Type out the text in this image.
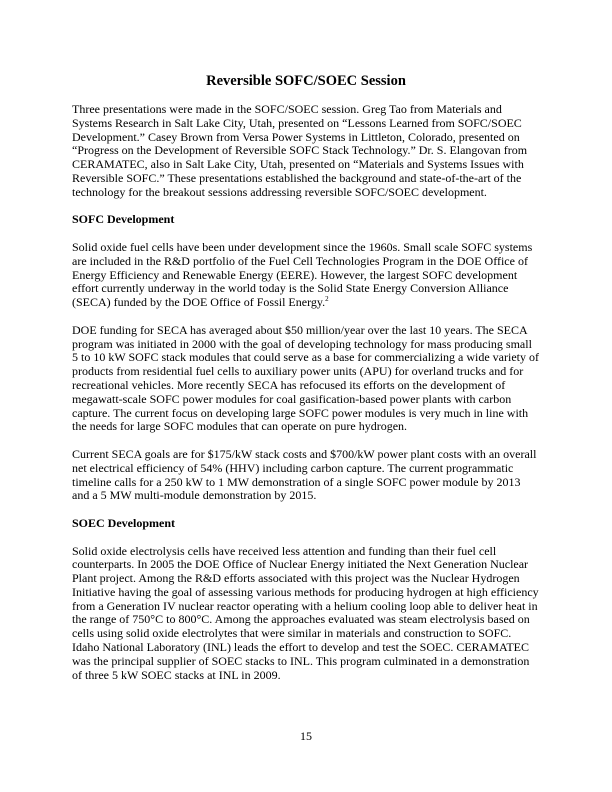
Reversible SOFC/SOEC Session

Three presentations were made in the SOFC/SOEC session. Greg Tao from Materials and
Systems Research in Salt Lake City, Utah, presented on “Lessons Learned from SOFC/SOEC
Development.” Casey Brown from Versa Power Systems in Littleton, Colorado, presented on
“Progress on the Development of Reversible SOFC Stack Technology.” Dr. S. Elangovan from
CERAMATEC, also in Salt Lake City, Utah, presented on “Materials and Systems Issues with
Reversible SOFC.” These presentations established the background and state-of-the-art of the
technology for the breakout sessions addressing reversible SOFC/SOEC development.

SOFC Development

Solid oxide fuel cells have been under development since the 1960s. Small scale SOFC systems
are included in the R&D portfolio of the Fuel Cell Technologies Program in the DOE Office of
Energy Efficiency and Renewable Energy (EERE). However, the largest SOFC development
effort currently underway in the world today is the Solid State Energy Conversion Alliance
(SECA) funded by the DOE Office of Fossil Energy.$^2$

DOE funding for SECA has averaged about $50 million/year over the last 10 years. The SECA
program was initiated in 2000 with the goal of developing technology for mass producing small
5 to 10 kW SOFC stack modules that could serve as a base for commercializing a wide variety of
products from residential fuel cells to auxiliary power units (APU) for overland trucks and for
recreational vehicles. More recently SECA has refocused its efforts on the development of
megawatt-scale SOFC power modules for coal gasification-based power plants with carbon
capture. The current focus on developing large SOFC power modules is very much in line with
the needs for large SOFC modules that can operate on pure hydrogen.

Current SECA goals are for $175/kW stack costs and $700/kW power plant costs with an overall
net electrical efficiency of 54% (HHV) including carbon capture. The current programmatic
timeline calls for a 250 kW to 1 MW demonstration of a single SOFC power module by 2013
and a 5 MW multi-module demonstration by 2015.

SOEC Development

Solid oxide electrolysis cells have received less attention and funding than their fuel cell
counterparts. In 2005 the DOE Office of Nuclear Energy initiated the Next Generation Nuclear
Plant project. Among the R&D efforts associated with this project was the Nuclear Hydrogen
Initiative having the goal of assessing various methods for producing hydrogen at high efficiency
from a Generation IV nuclear reactor operating with a helium cooling loop able to deliver heat in
the range of 750°C to 800°C. Among the approaches evaluated was steam electrolysis based on
cells using solid oxide electrolytes that were similar in materials and construction to SOFC.
Idaho National Laboratory (INL) leads the effort to develop and test the SOEC. CERAMATEC
was the principal supplier of SOEC stacks to INL. This program culminated in a demonstration
of three 5 kW SOEC stacks at INL in 2009.

15
